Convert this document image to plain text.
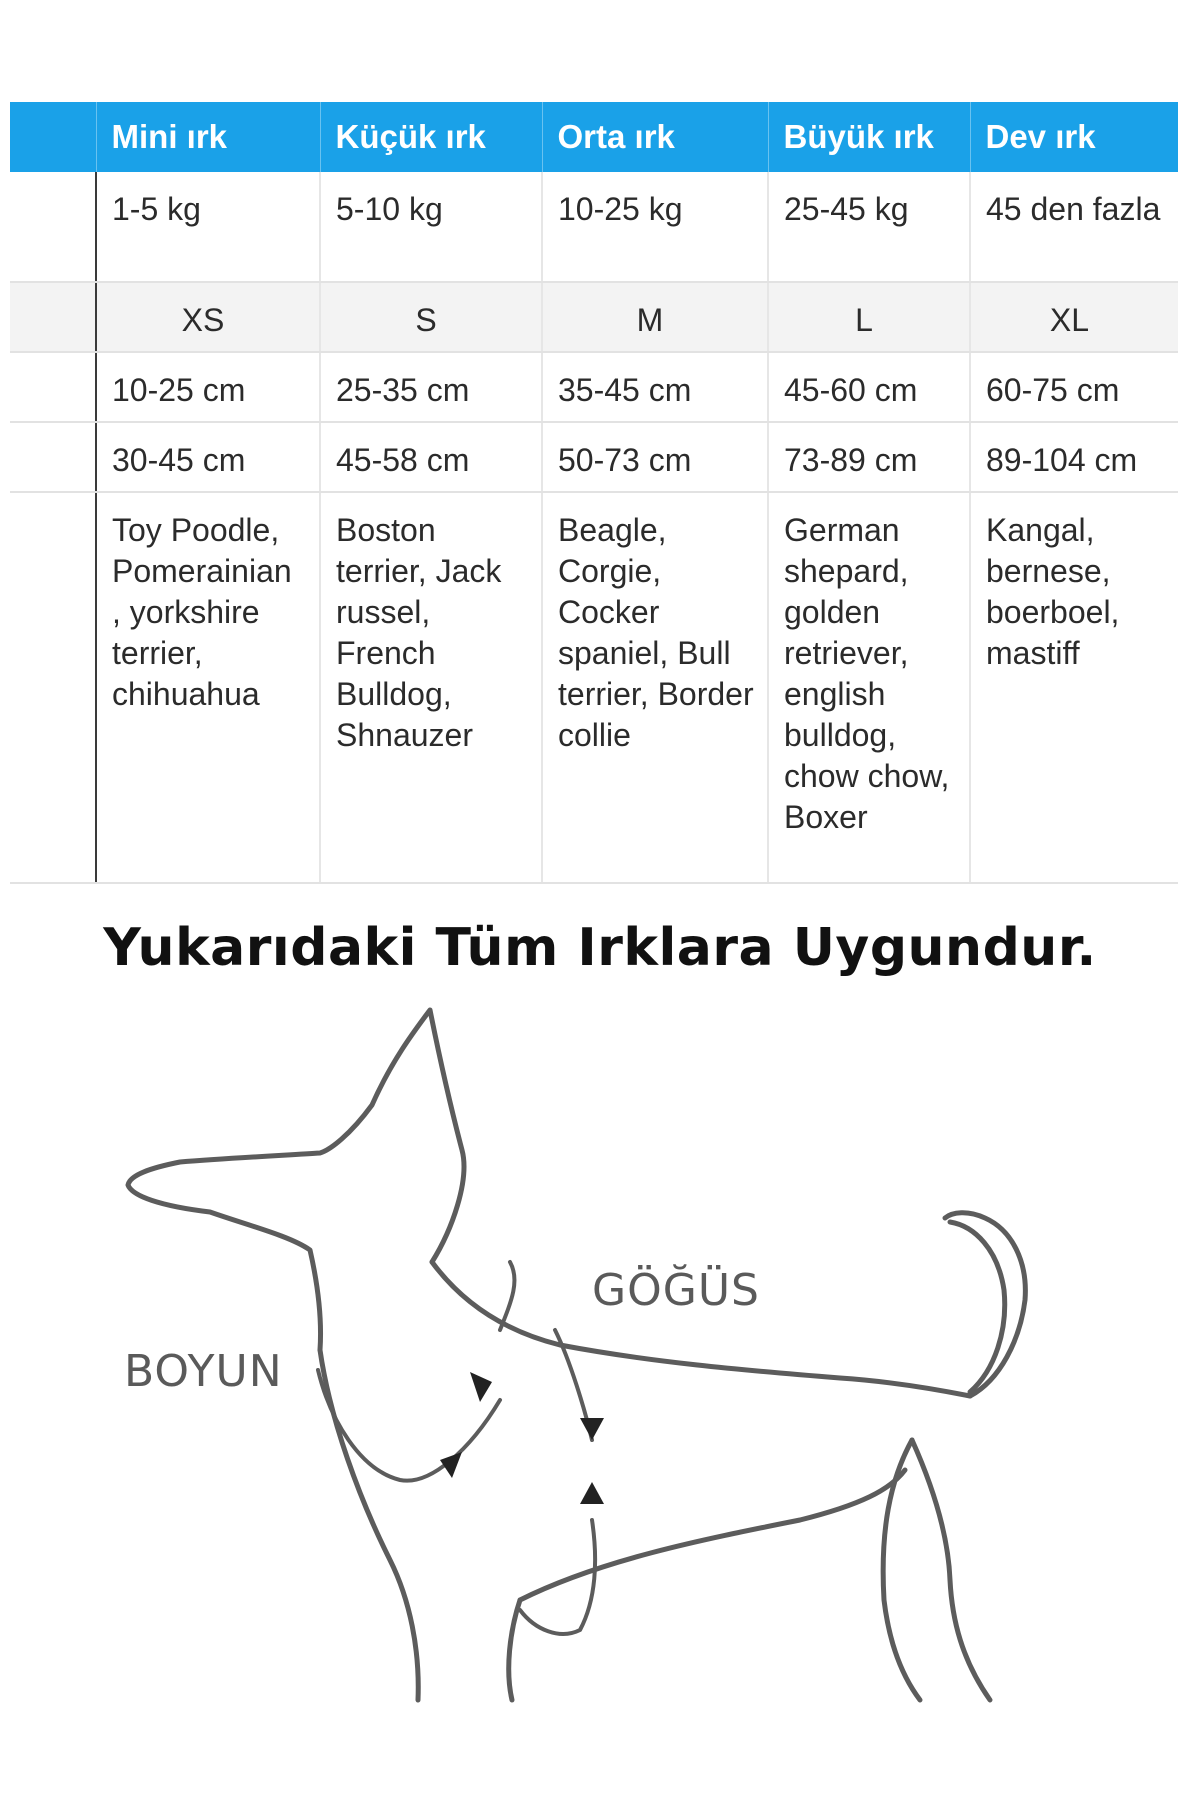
	Mini ırk	Küçük ırk	Orta ırk	Büyük ırk	Dev ırk
	1-5 kg	5-10 kg	10-25 kg	25-45 kg	45 den fazla
	XS	S	M	L	XL
	10-25 cm	25-35 cm	35-45 cm	45-60 cm	60-75 cm
	30-45 cm	45-58 cm	50-73 cm	73-89 cm	89-104 cm
	Toy Poodle, Pomerainian , yorkshire terrier, chihuahua	Boston terrier, Jack russel, French Bulldog, Shnauzer	Beagle, Corgie, Cocker spaniel, Bull terrier, Border collie	German shepard, golden retriever, english bulldog, chow chow, Boxer	Kangal, bernese, boerboel, mastiff
Yukarıdaki Tüm Irklara Uygundur.
BOYUN
GÖĞÜS
